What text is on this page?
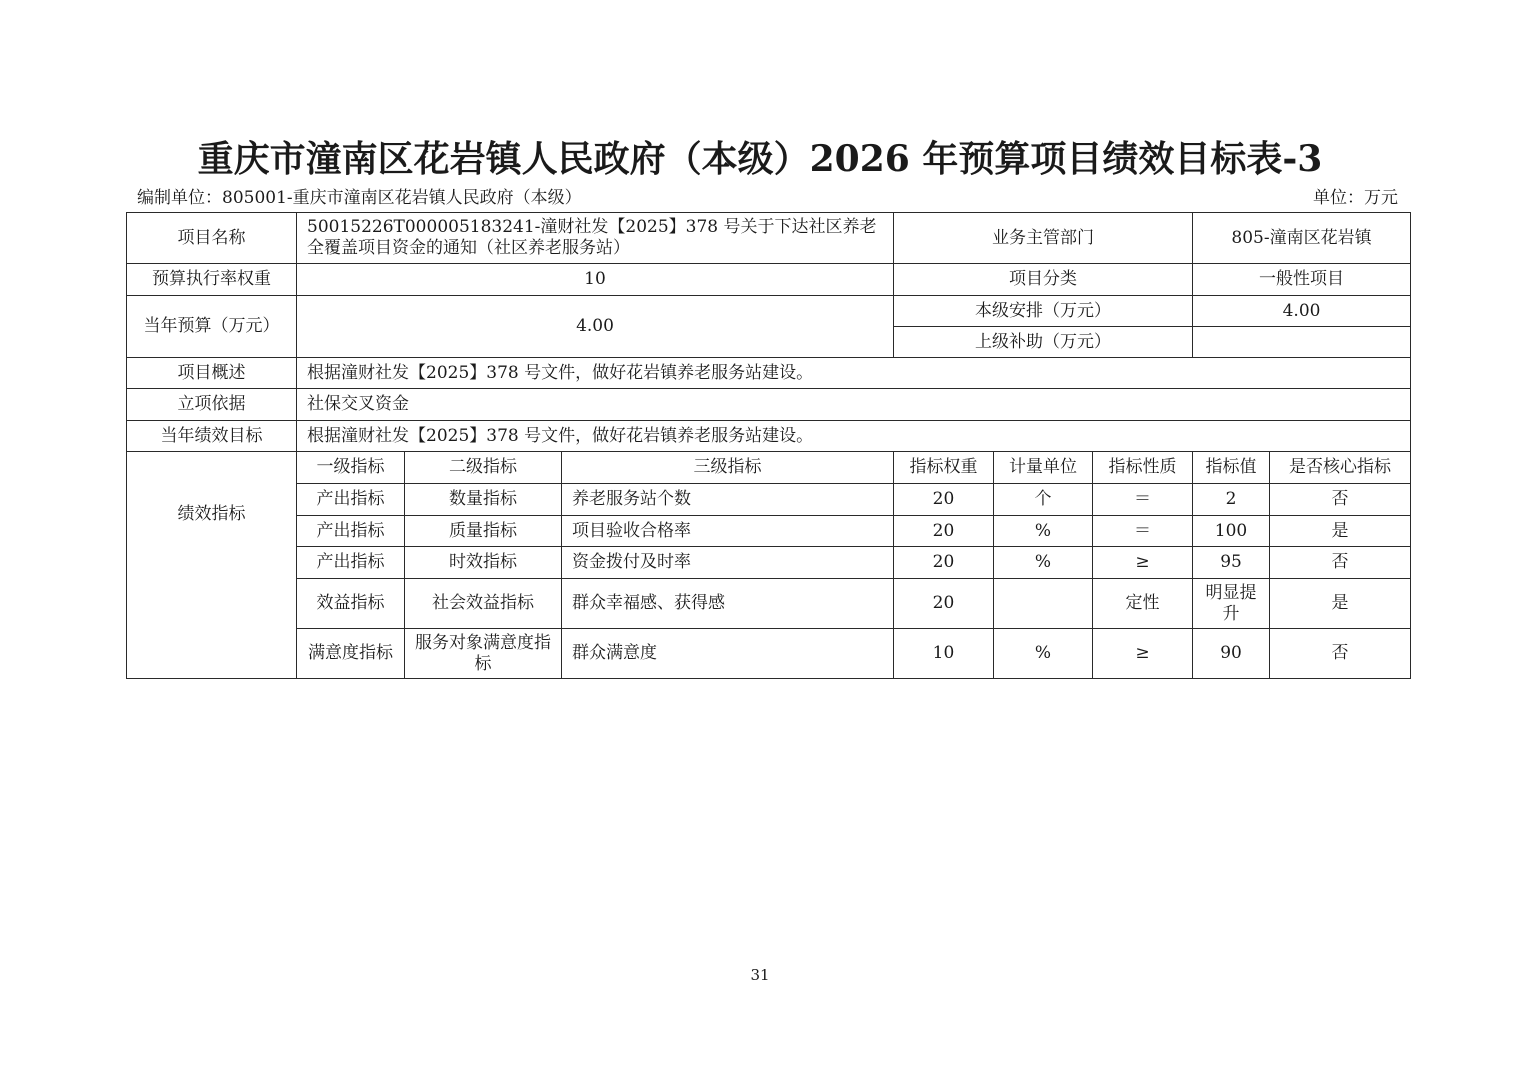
重庆市潼南区花岩镇人民政府（本级）2026 年预算项目绩效目标表-3
编制单位：805001-重庆市潼南区花岩镇人民政府（本级）	单位：万元
项目名称	50015226T000005183241-潼财社发【2025】378 号关于下达社区养老全覆盖项目资金的通知（社区养老服务站）			业务主管部门			805-潼南区花岩镇	
预算执行率权重	10			项目分类			一般性项目	
当年预算（万元）	4.00			本级安排（万元）			4.00	
				上级补助（万元）				
项目概述	根据潼财社发【2025】378 号文件，做好花岩镇养老服务站建设。							
立项依据	社保交叉资金							
当年绩效目标	根据潼财社发【2025】378 号文件，做好花岩镇养老服务站建设。							
绩效指标	一级指标	二级指标	三级指标	指标权重	计量单位	指标性质	指标值	是否核心指标
	产出指标	数量指标	养老服务站个数	20	个	＝	2	否
	产出指标	质量指标	项目验收合格率	20	%	＝	100	是
	产出指标	时效指标	资金拨付及时率	20	%	≥	95	否
	效益指标	社会效益指标	群众幸福感、获得感	20		定性	明显提升	是
	满意度指标	服务对象满意度指标	群众满意度	10	%	≥	90	否
31
